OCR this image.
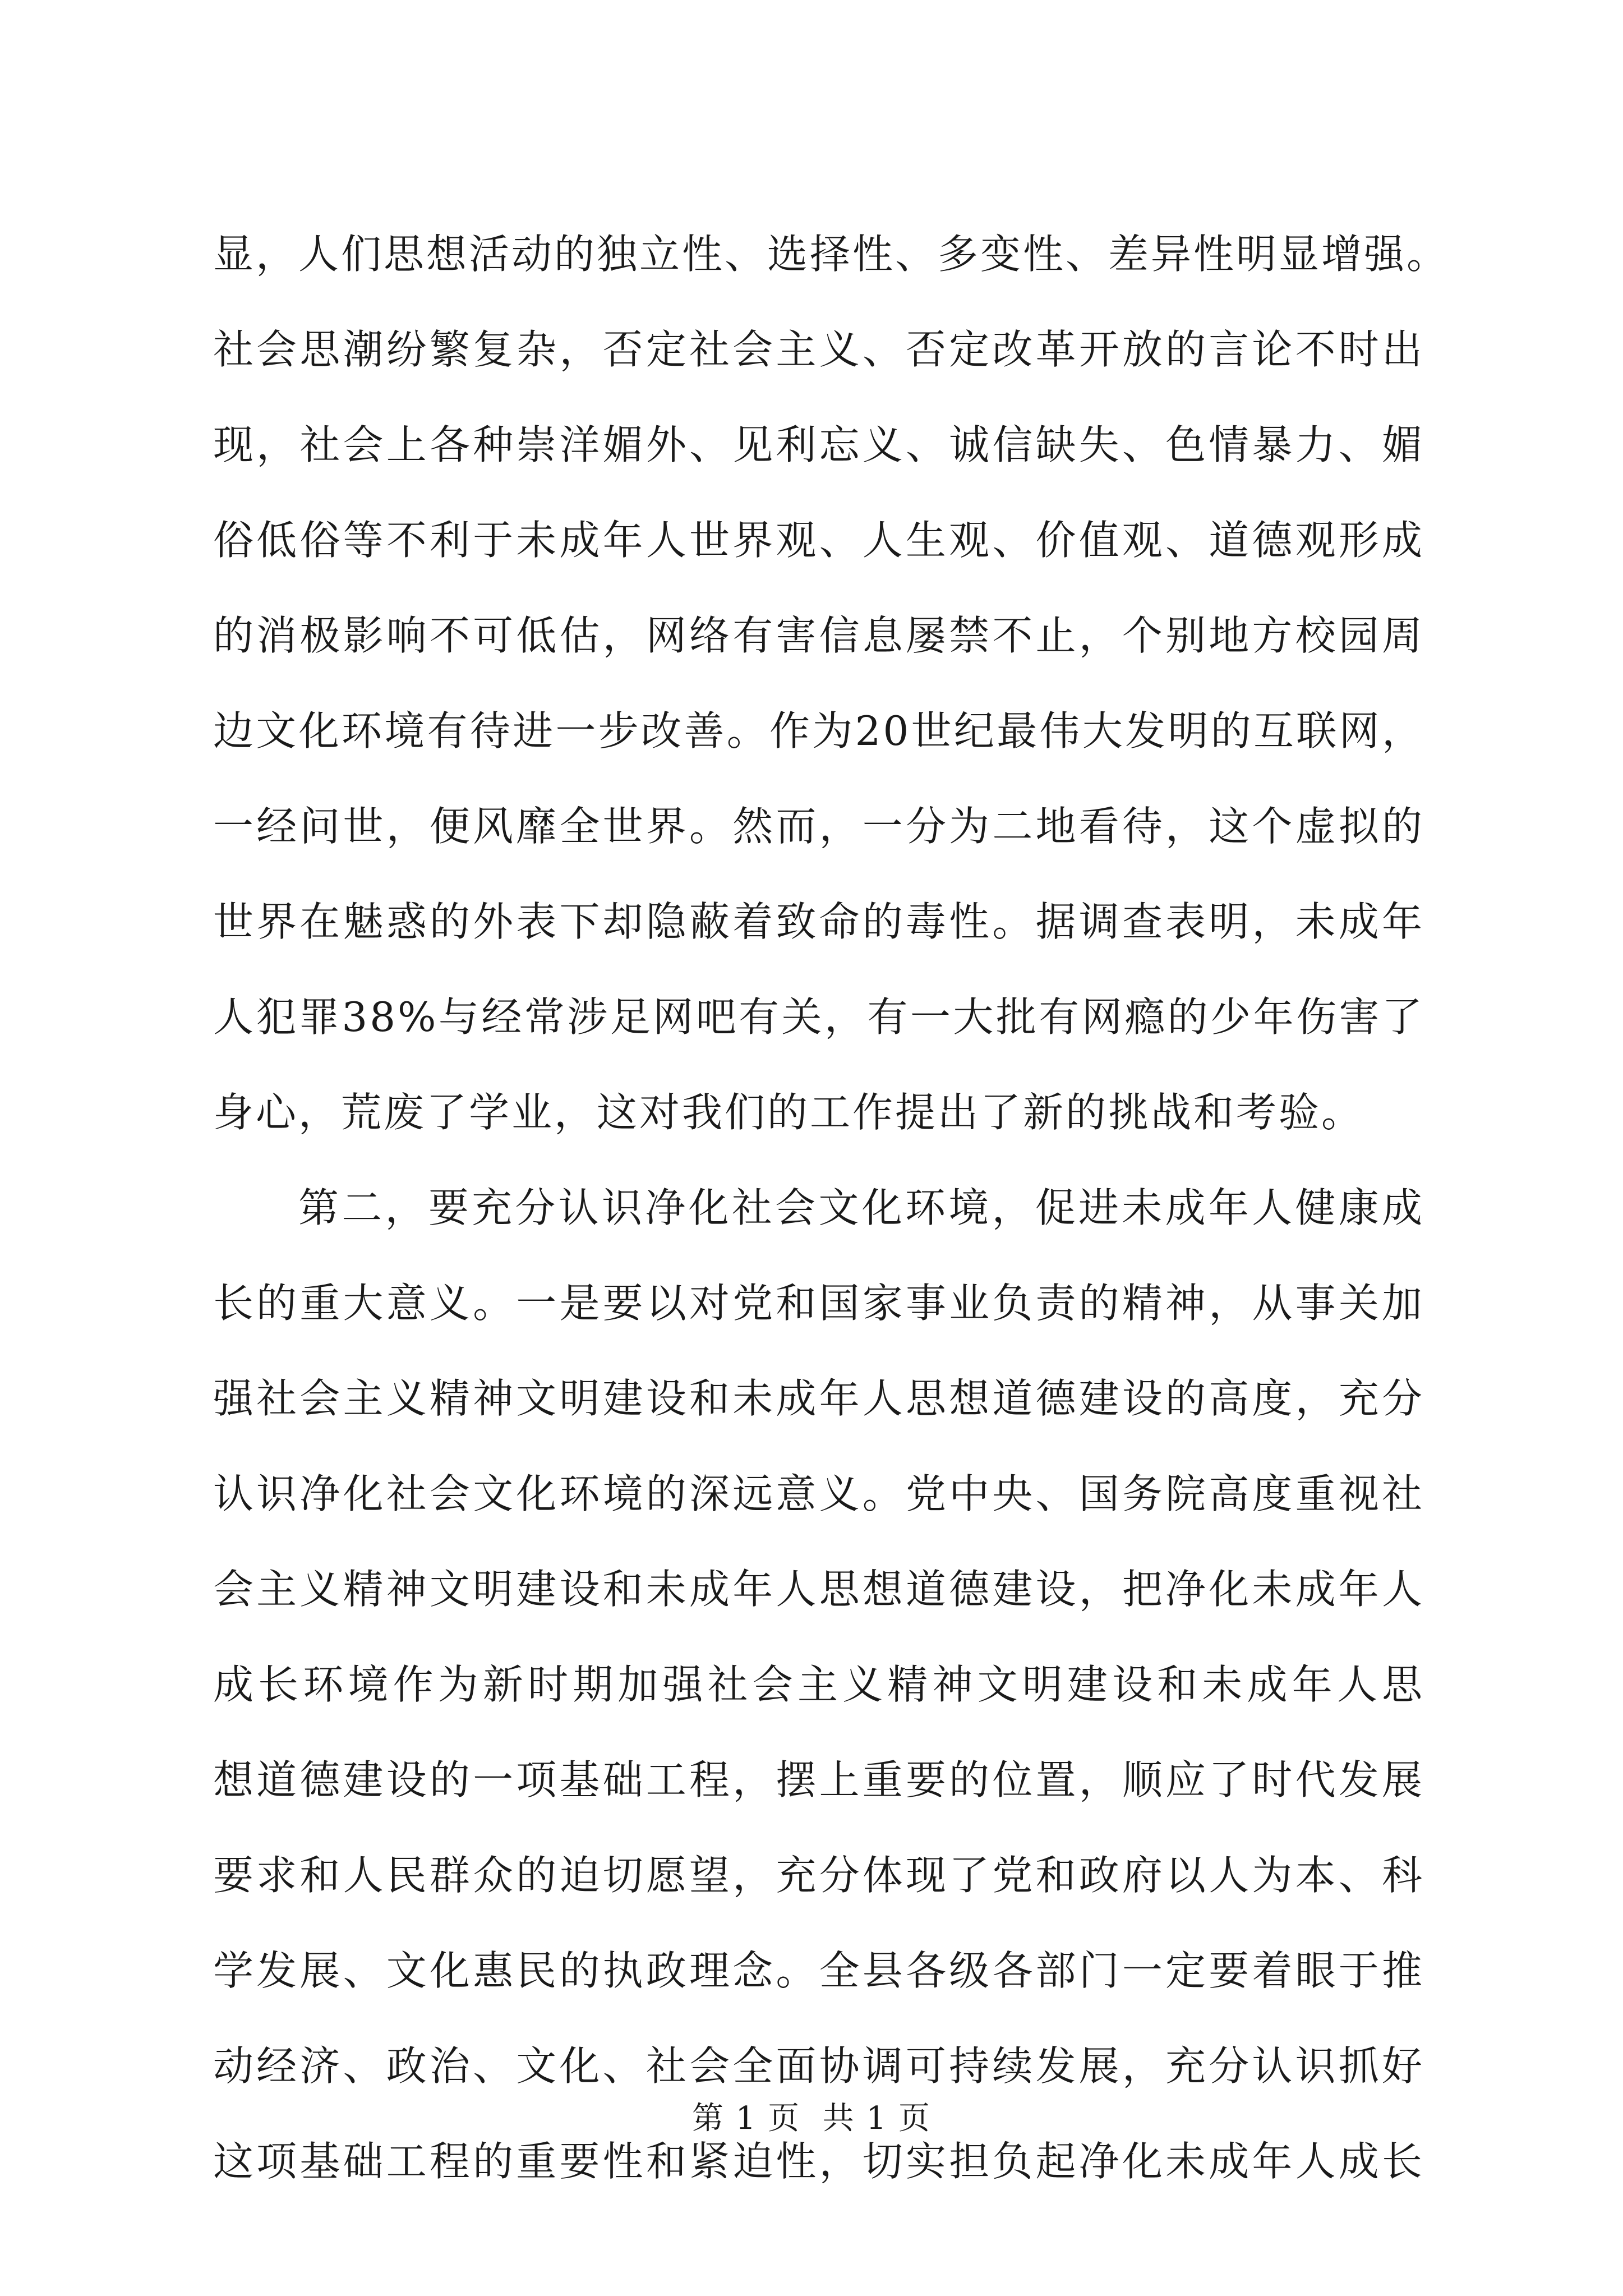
显，人们思想活动的独立性、选择性、多变性、差异性明显增强。
社会思潮纷繁复杂，否定社会主义、否定改革开放的言论不时出
现，社会上各种崇洋媚外、见利忘义、诚信缺失、色情暴力、媚
俗低俗等不利于未成年人世界观、人生观、价值观、道德观形成
的消极影响不可低估，网络有害信息屡禁不止，个别地方校园周
边文化环境有待进一步改善。作为20世纪最伟大发明的互联网，
一经问世，便风靡全世界。然而，一分为二地看待，这个虚拟的
世界在魅惑的外表下却隐蔽着致命的毒性。据调查表明，未成年
人犯罪38%与经常涉足网吧有关，有一大批有网瘾的少年伤害了
身心，荒废了学业，这对我们的工作提出了新的挑战和考验。
第二，要充分认识净化社会文化环境，促进未成年人健康成
长的重大意义。一是要以对党和国家事业负责的精神，从事关加
强社会主义精神文明建设和未成年人思想道德建设的高度，充分
认识净化社会文化环境的深远意义。党中央、国务院高度重视社
会主义精神文明建设和未成年人思想道德建设，把净化未成年人
成长环境作为新时期加强社会主义精神文明建设和未成年人思
想道德建设的一项基础工程，摆上重要的位置，顺应了时代发展
要求和人民群众的迫切愿望，充分体现了党和政府以人为本、科
学发展、文化惠民的执政理念。全县各级各部门一定要着眼于推
动经济、政治、文化、社会全面协调可持续发展，充分认识抓好
这项基础工程的重要性和紧迫性，切实担负起净化未成年人成长
第 1 页  共 1 页
